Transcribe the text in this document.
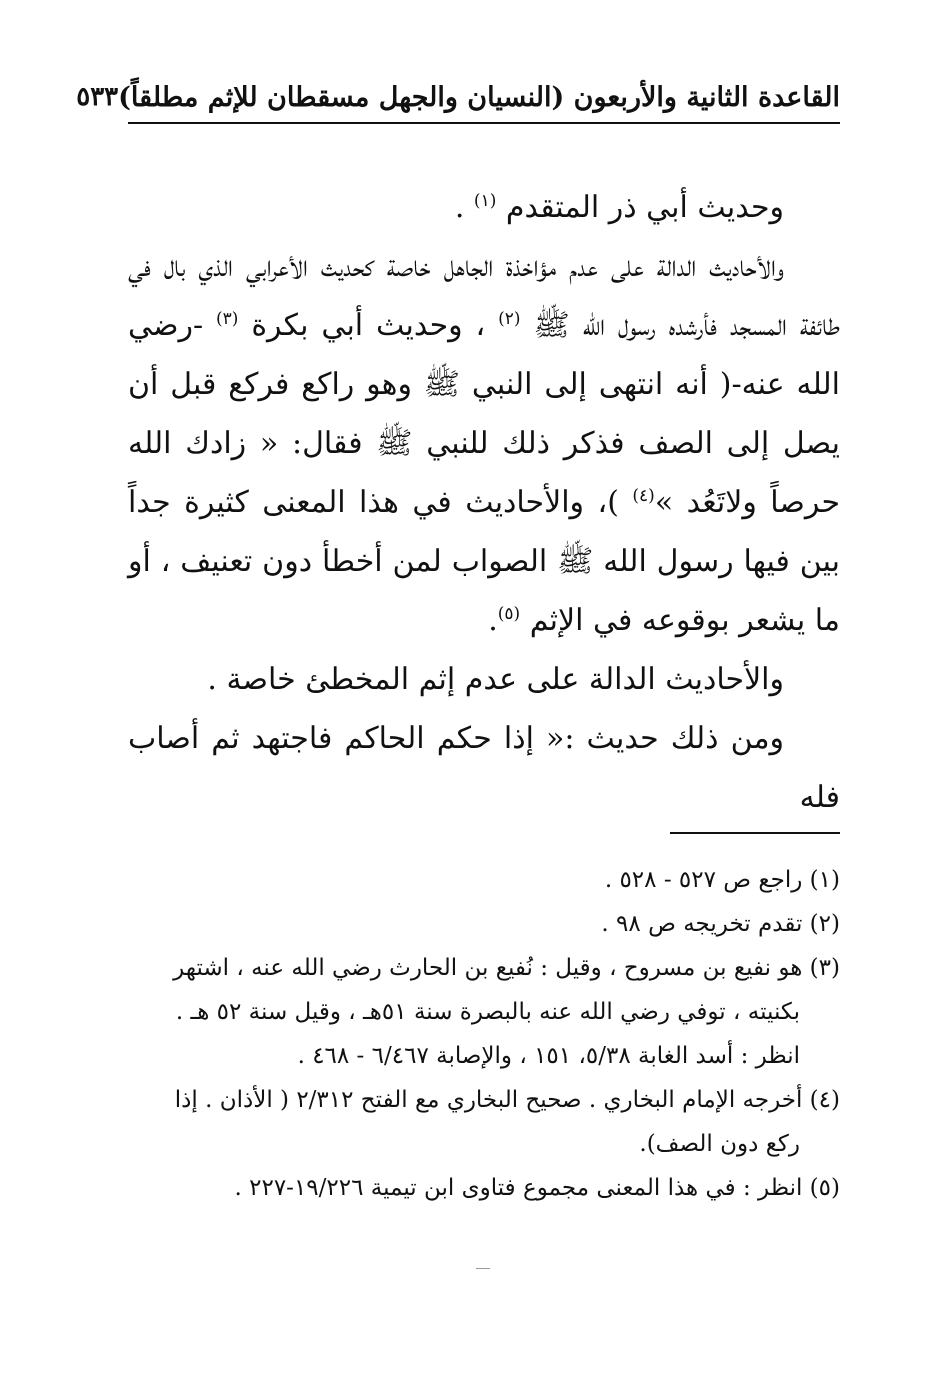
القاعدة الثانية والأربعون (النسيان والجهل مسقطان للإثم مطلقاً)
٥٣٣

وحديث أبي ذر المتقدم $^{(١)}$ .

والأحاديث الدالة على عدم مؤاخذة الجاهل خاصة كحديث الأعرابي الذي بال في طائفة المسجد فأرشده رسول الله ﷺ $^{(٢)}$ ، وحديث أبي بكرة $^{(٣)}$ -رضي الله عنه-( أنه انتهى إلى النبي ﷺ وهو راكع فركع قبل أن يصل إلى الصف فذكر ذلك للنبي ﷺ فقال: « زادك الله حرصاً ولاتَعُد »$^{(٤)}$ )، والأحاديث في هذا المعنى كثيرة جداً بين فيها رسول الله ﷺ الصواب لمن أخطأ دون تعنيف ، أو ما يشعر بوقوعه في الإثم $^{(٥)}$.

والأحاديث الدالة على عدم إثم المخطئ خاصة .

ومن ذلك حديث :« إذا حكم الحاكم فاجتهد ثم أصاب فله

(١) راجع ص ٥٢٧ - ٥٢٨ .

(٢) تقدم تخريجه ص ٩٨ .

(٣) هو نفيع بن مسروح ، وقيل : نُفيع بن الحارث رضي الله عنه ، اشتهر
بكنيته ، توفي رضي الله عنه بالبصرة سنة ٥١هـ ، وقيل سنة ٥٢ هـ .
انظر : أسد الغابة ٥/٣٨، ١٥١ ، والإصابة ٦/٤٦٧ - ٤٦٨ .
(٤) أخرجه الإمام البخاري . صحيح البخاري مع الفتح ٢/٣١٢ ( الأذان . إذا
ركع دون الصف).

(٥) انظر : في هذا المعنى مجموع فتاوى ابن تيمية ١٩/٢٢٦-٢٢٧ .
